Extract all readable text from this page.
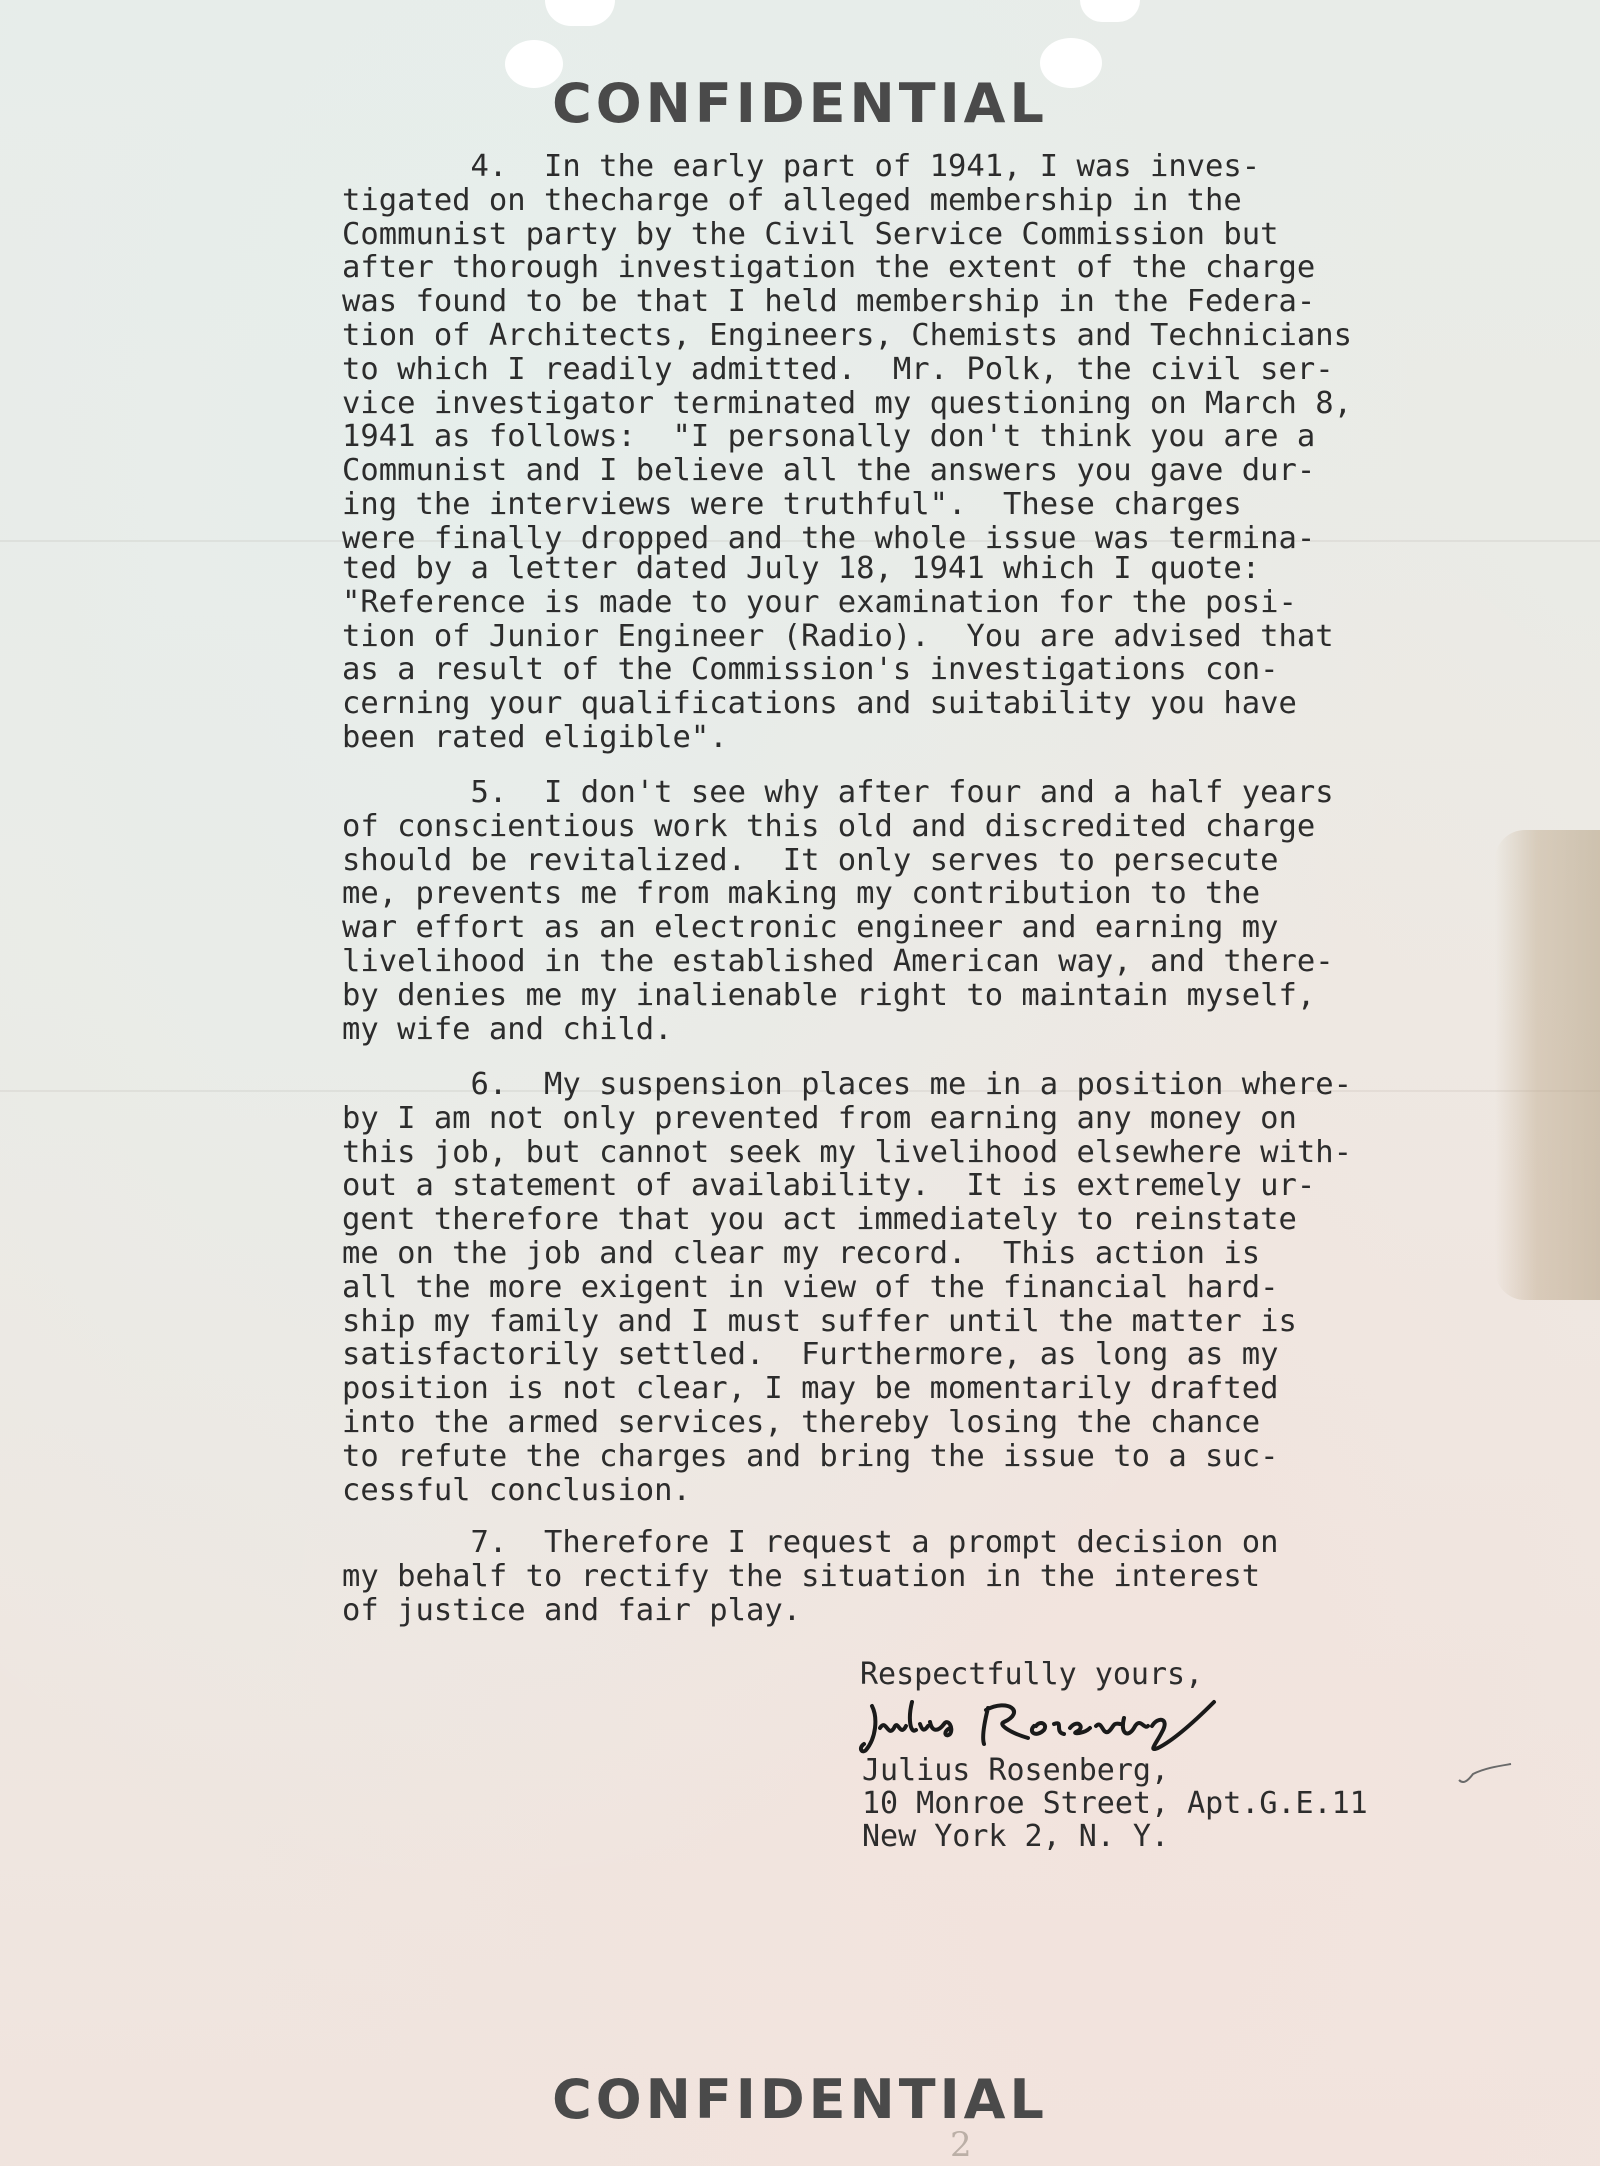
CONFIDENTIAL
4.  In the early part of 1941, I was inves-
tigated on thecharge of alleged membership in the
Communist party by the Civil Service Commission but
after thorough investigation the extent of the charge
was found to be that I held membership in the Federa-
tion of Architects, Engineers, Chemists and Technicians
to which I readily admitted.  Mr. Polk, the civil ser-
vice investigator terminated my questioning on March 8,
1941 as follows:  "I personally don't think you are a
Communist and I believe all the answers you gave dur-
ing the interviews were truthful".  These charges
were finally dropped and the whole issue was termina-
ted by a letter dated July 18, 1941 which I quote:
"Reference is made to your examination for the posi-
tion of Junior Engineer (Radio).  You are advised that
as a result of the Commission's investigations con-
cerning your qualifications and suitability you have
been rated eligible".
5.  I don't see why after four and a half years
of conscientious work this old and discredited charge
should be revitalized.  It only serves to persecute
me, prevents me from making my contribution to the
war effort as an electronic engineer and earning my
livelihood in the established American way, and there-
by denies me my inalienable right to maintain myself,
my wife and child.
6.  My suspension places me in a position where-
by I am not only prevented from earning any money on
this job, but cannot seek my livelihood elsewhere with-
out a statement of availability.  It is extremely ur-
gent therefore that you act immediately to reinstate
me on the job and clear my record.  This action is
all the more exigent in view of the financial hard-
ship my family and I must suffer until the matter is
satisfactorily settled.  Furthermore, as long as my
position is not clear, I may be momentarily drafted
into the armed services, thereby losing the chance
to refute the charges and bring the issue to a suc-
cessful conclusion.
7.  Therefore I request a prompt decision on
my behalf to rectify the situation in the interest
of justice and fair play.
Respectfully yours,
Julius Rosenberg,
10 Monroe Street, Apt.G.E.11
New York 2, N. Y.
CONFIDENTIAL
2
